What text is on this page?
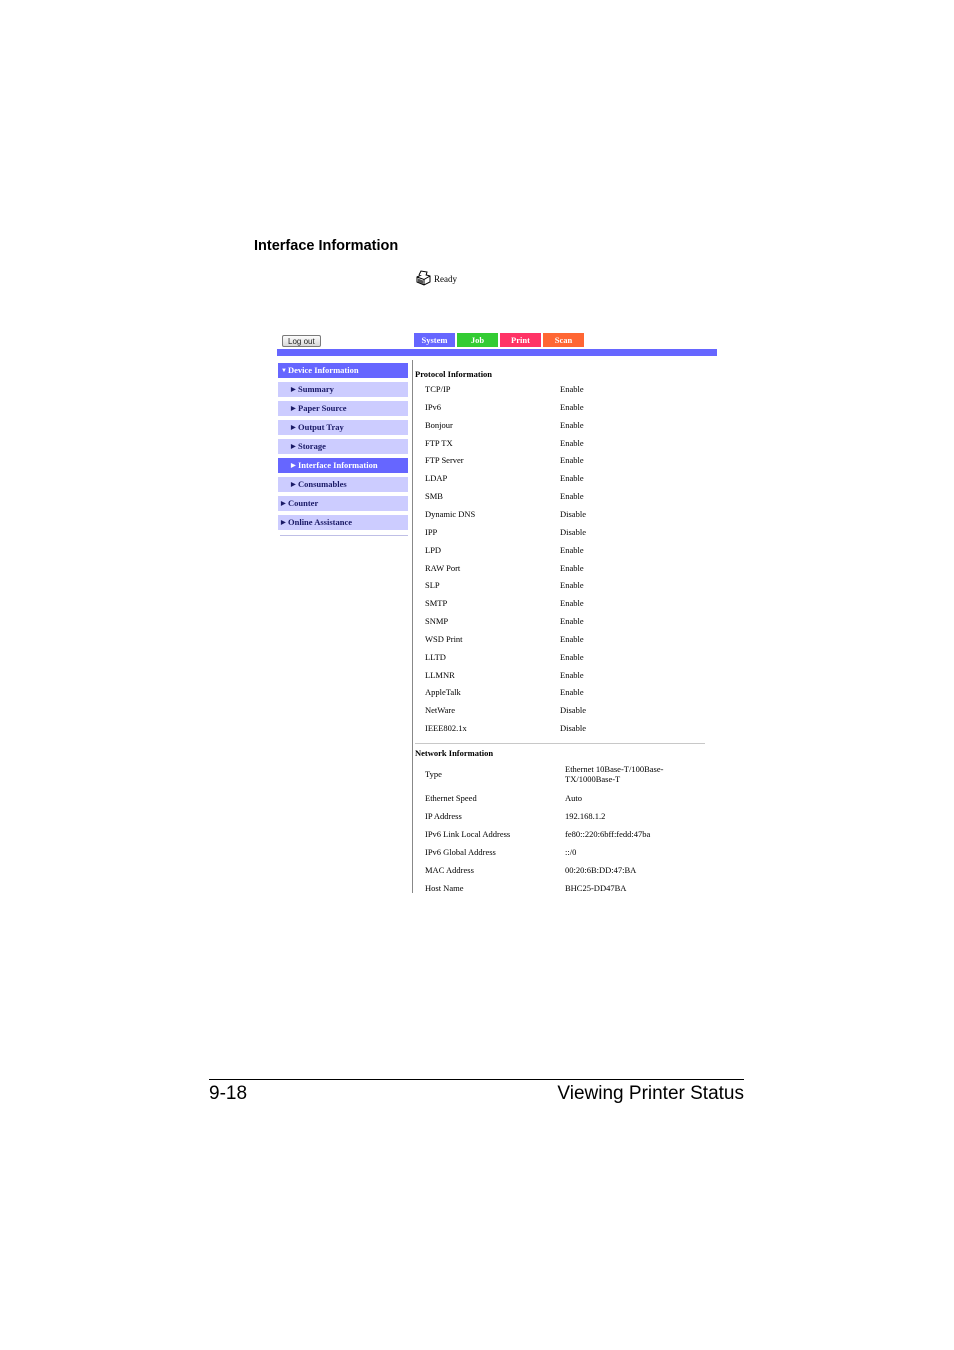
Interface Information
Ready
Log out	System	Job	Print	Scan
▼Device Information
▶ Summary
▶ Paper Source
▶ Output Tray
▶ Storage
▶ Interface Information
▶ Consumables
▶ Counter
▶ Online Assistance
Protocol Information
TCP/IP	Enable
IPv6	Enable
Bonjour	Enable
FTP TX	Enable
FTP Server	Enable
LDAP	Enable
SMB	Enable
Dynamic DNS	Disable
IPP	Disable
LPD	Enable
RAW Port	Enable
SLP	Enable
SMTP	Enable
SNMP	Enable
WSD Print	Enable
LLTD	Enable
LLMNR	Enable
AppleTalk	Enable
NetWare	Disable
IEEE802.1x	Disable
Network Information
Type	Ethernet 10Base-T/100Base-
TX/1000Base-T
Ethernet Speed	Auto
IP Address	192.168.1.2
IPv6 Link Local Address	fe80::220:6bff:fedd:47ba
IPv6 Global Address	::/0
MAC Address	00:20:6B:DD:47:BA
Host Name	BHC25-DD47BA
9-18	Viewing Printer Status
